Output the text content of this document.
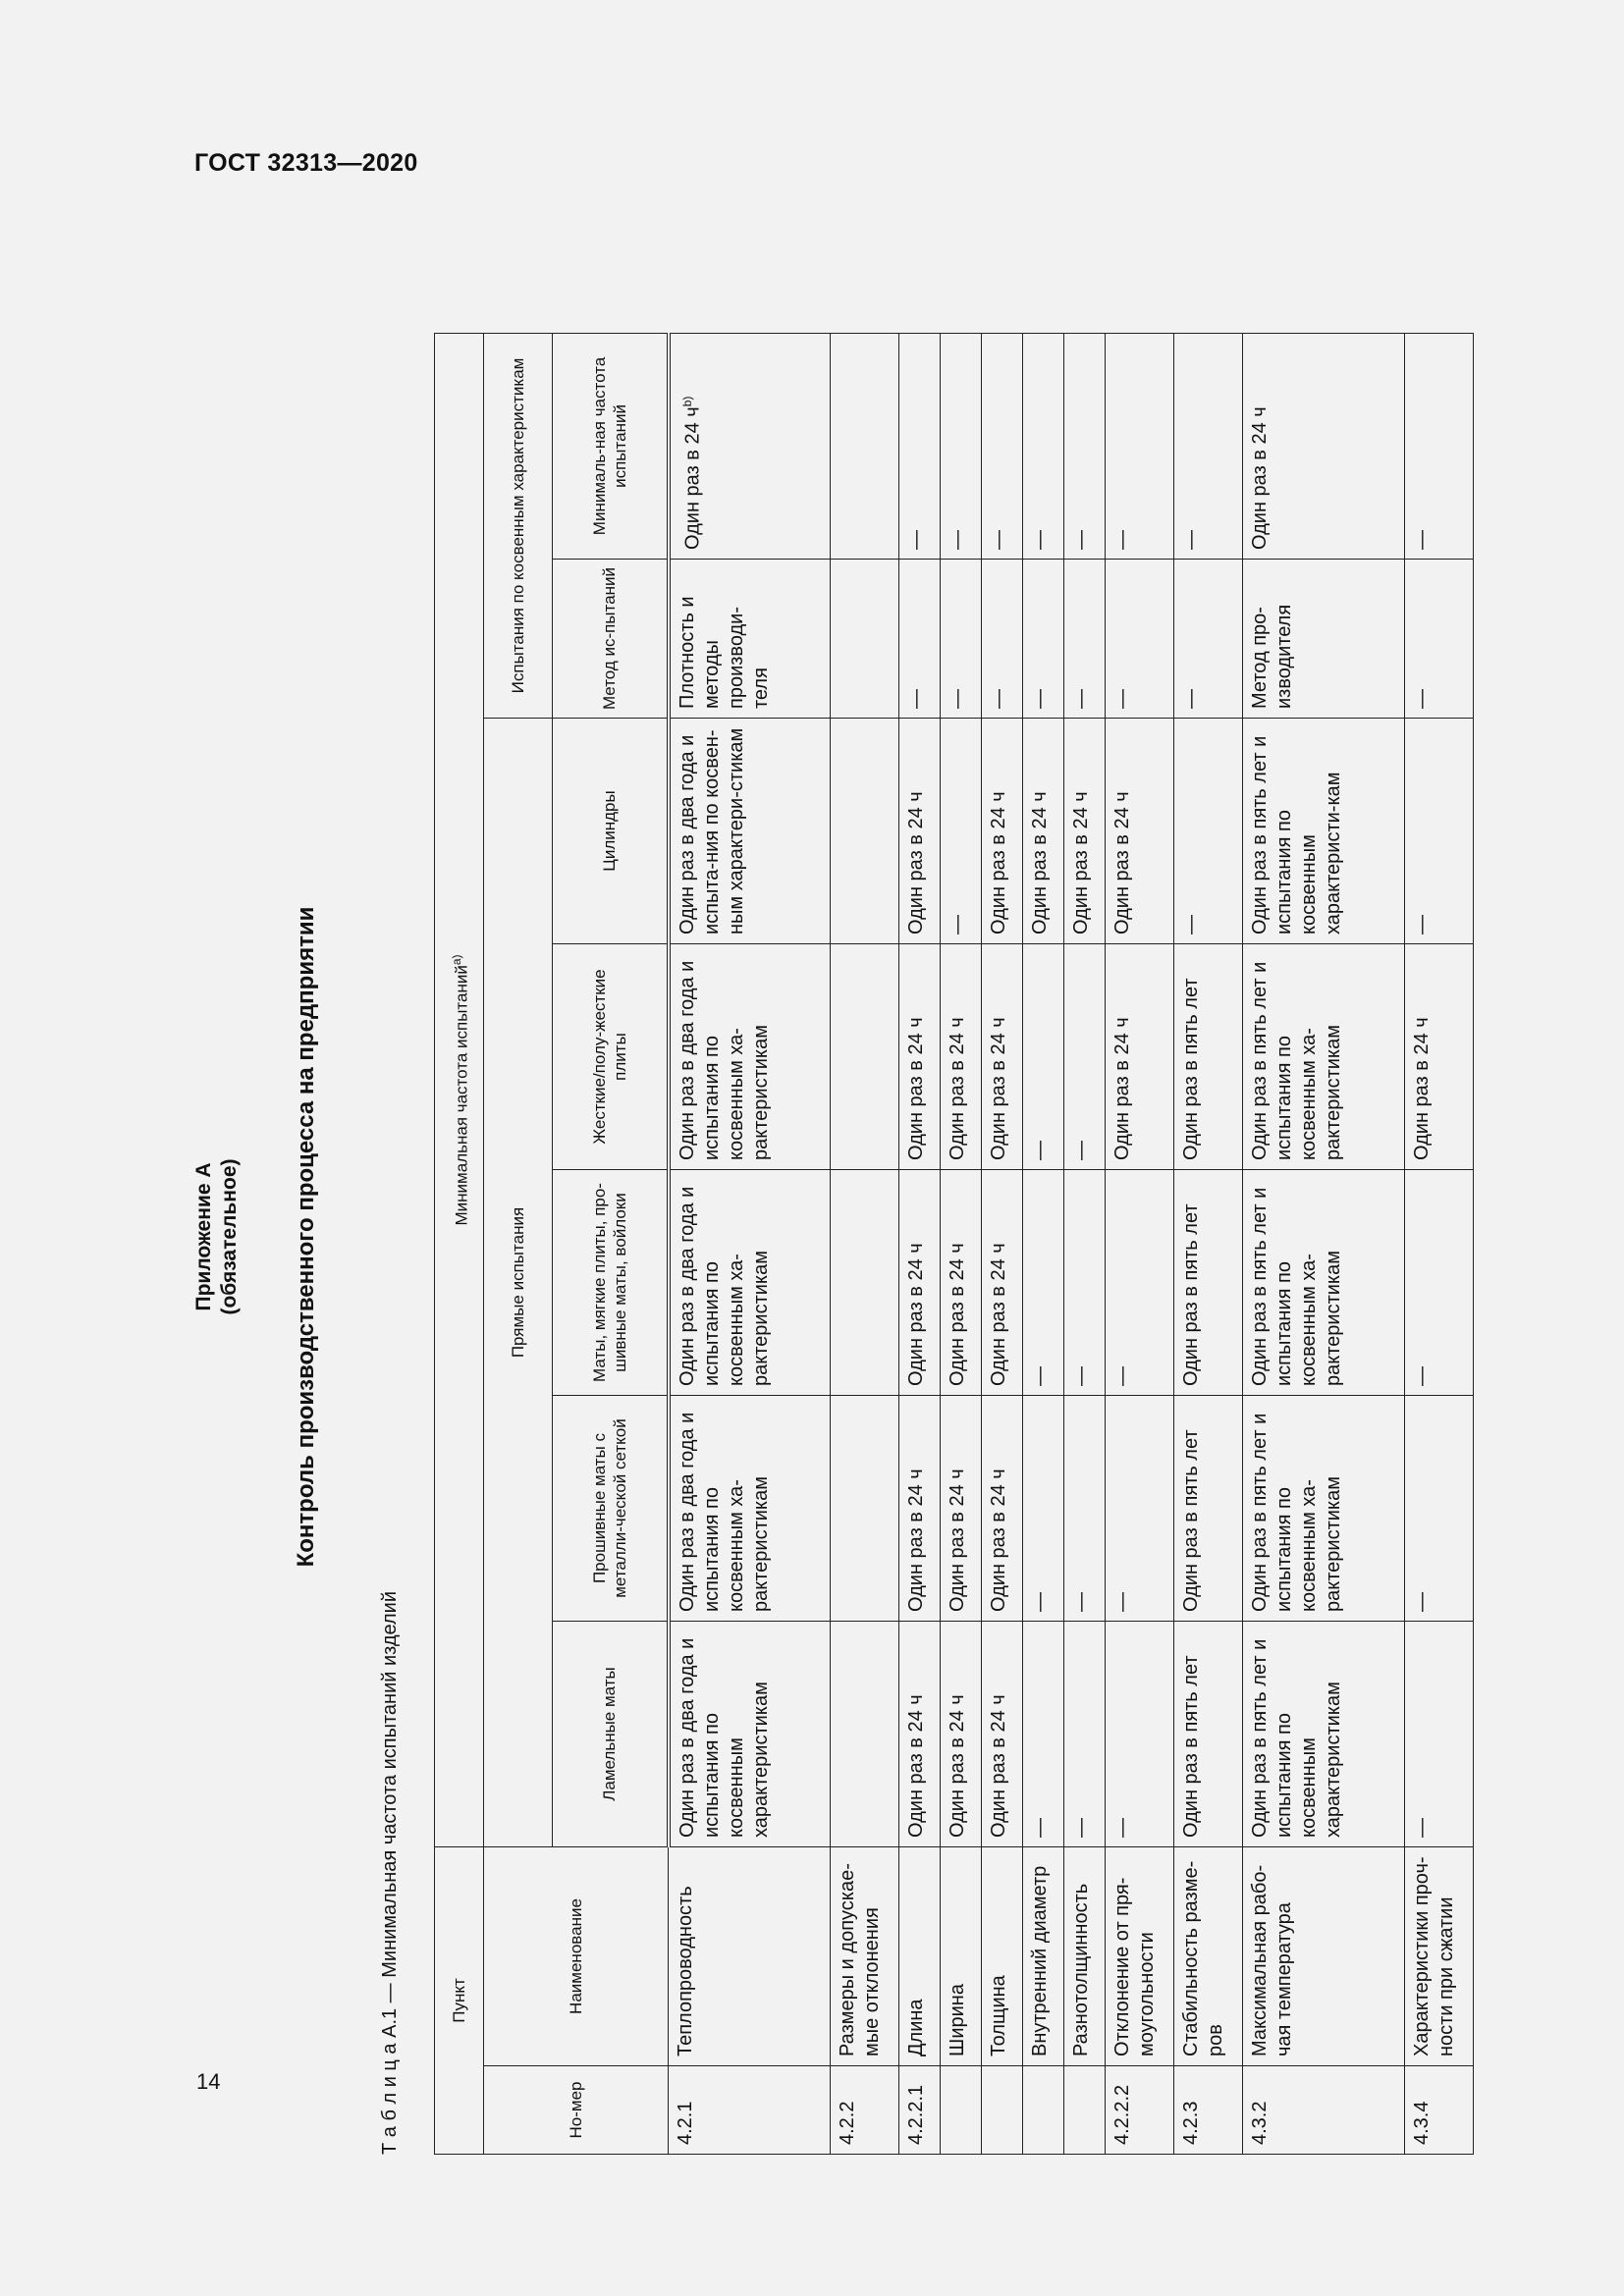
ГОСТ 32313—2020
14
Приложение А (обязательное) Контроль производственного процесса на предприятии
Т а б л и ц а А.1 — Минимальная частота испытаний изделий	Пункт		Минимальная частота испытаний$^{а)}$
Но-мер	Наименование	Прямые испытания					Испытания по косвенным характеристикам	
		Ламельные маты	Прошивные маты с металли-ческой сеткой	Маты, мягкие плиты, про-шивные маты, войлоки	Жесткие/полу-жесткие плиты	Цилиндры	Метод ис-пытаний	Минималь-ная частота испытаний
4.2.1	Теплопроводность	Один раз в два года и испытания по косвенным характеристикам	Один раз в два года и испытания по косвенным ха-рактеристикам	Один раз в два года и испытания по косвенным ха-рактеристикам	Один раз в два года и испытания по косвенным ха-рактеристикам	Один раз в два года и испыта-ния по косвен-ным характери-стикам	Плотность и методы производи-теля	Один раз в 24 $ч^{b)}$
4.2.2	Размеры и допускае-мые отклонения							
4.2.2.1	Длина	Один раз в 24 ч	Один раз в 24 ч	Один раз в 24 ч	Один раз в 24 ч	Один раз в 24 ч	—	—
	Ширина	Один раз в 24 ч	Один раз в 24 ч	Один раз в 24 ч	Один раз в 24 ч	—	—	—
	Толщина	Один раз в 24 ч	Один раз в 24 ч	Один раз в 24 ч	Один раз в 24 ч	Один раз в 24 ч	—	—
	Внутренний диаметр	—	—	—	—	Один раз в 24 ч	—	—
	Разнотолщинность	—	—	—	—	Один раз в 24 ч	—	—
4.2.2.2	Отклонение от пря-моугольности	—	—	—	Один раз в 24 ч	Один раз в 24 ч	—	—
4.2.3	Стабильность разме-ров	Один раз в пять лет	Один раз в пять лет	Один раз в пять лет	Один раз в пять лет	—	—	—
4.3.2	Максимальная рабо-чая температура	Один раз в пять лет и испытания по косвенным характеристикам	Один раз в пять лет и испытания по косвенным ха-рактеристикам	Один раз в пять лет и испытания по косвенным ха-рактеристикам	Один раз в пять лет и испытания по косвенным ха-рактеристикам	Один раз в пять лет и испытания по косвенным характеристи-кам	Метод про-изводителя	Один раз в 24 ч
4.3.4	Характеристики проч-ности при сжатии	—	—	—	Один раз в 24 ч	—	—	—
